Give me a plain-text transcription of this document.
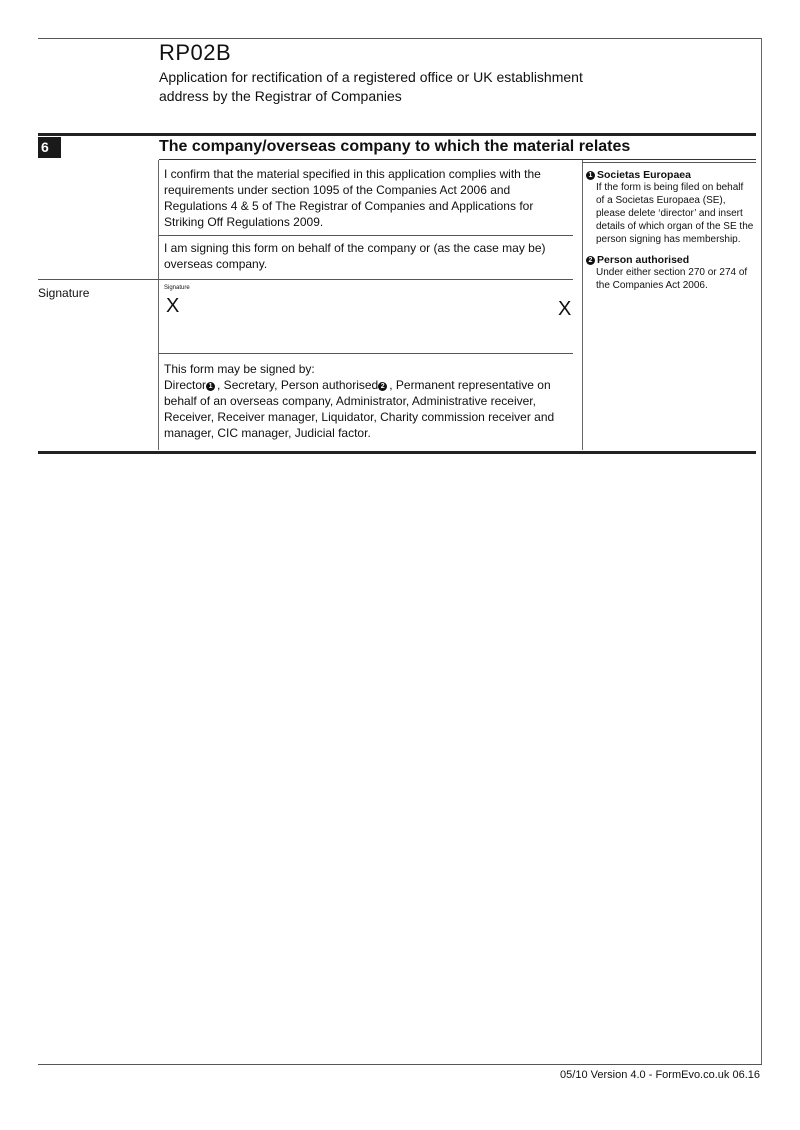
RP02B
Application for rectification of a registered office or UK establishment address by the Registrar of Companies
6	The company/overseas company to which the material relates
I confirm that the material specified in this application complies with the requirements under section 1095 of the Companies Act 2006 and Regulations 4 & 5 of The Registrar of Companies and Applications for Striking Off Regulations 2009.
I am signing this form on behalf of the company or (as the case may be) overseas company.
Signature	Signature
X	X
This form may be signed by:
Director 1 , Secretary, Person authorised 2 , Permanent representative on behalf of an overseas company, Administrator, Administrative receiver, Receiver, Receiver manager, Liquidator, Charity commission receiver and manager, CIC manager, Judicial factor.
1 Societas Europaea
If the form is being filed on behalf of a Societas Europaea (SE), please delete ‘director’ and insert details of which organ of the SE the person signing has membership.
2 Person authorised
Under either section 270 or 274 of the Companies Act 2006.
05/10 Version 4.0 - FormEvo.co.uk 06.16
